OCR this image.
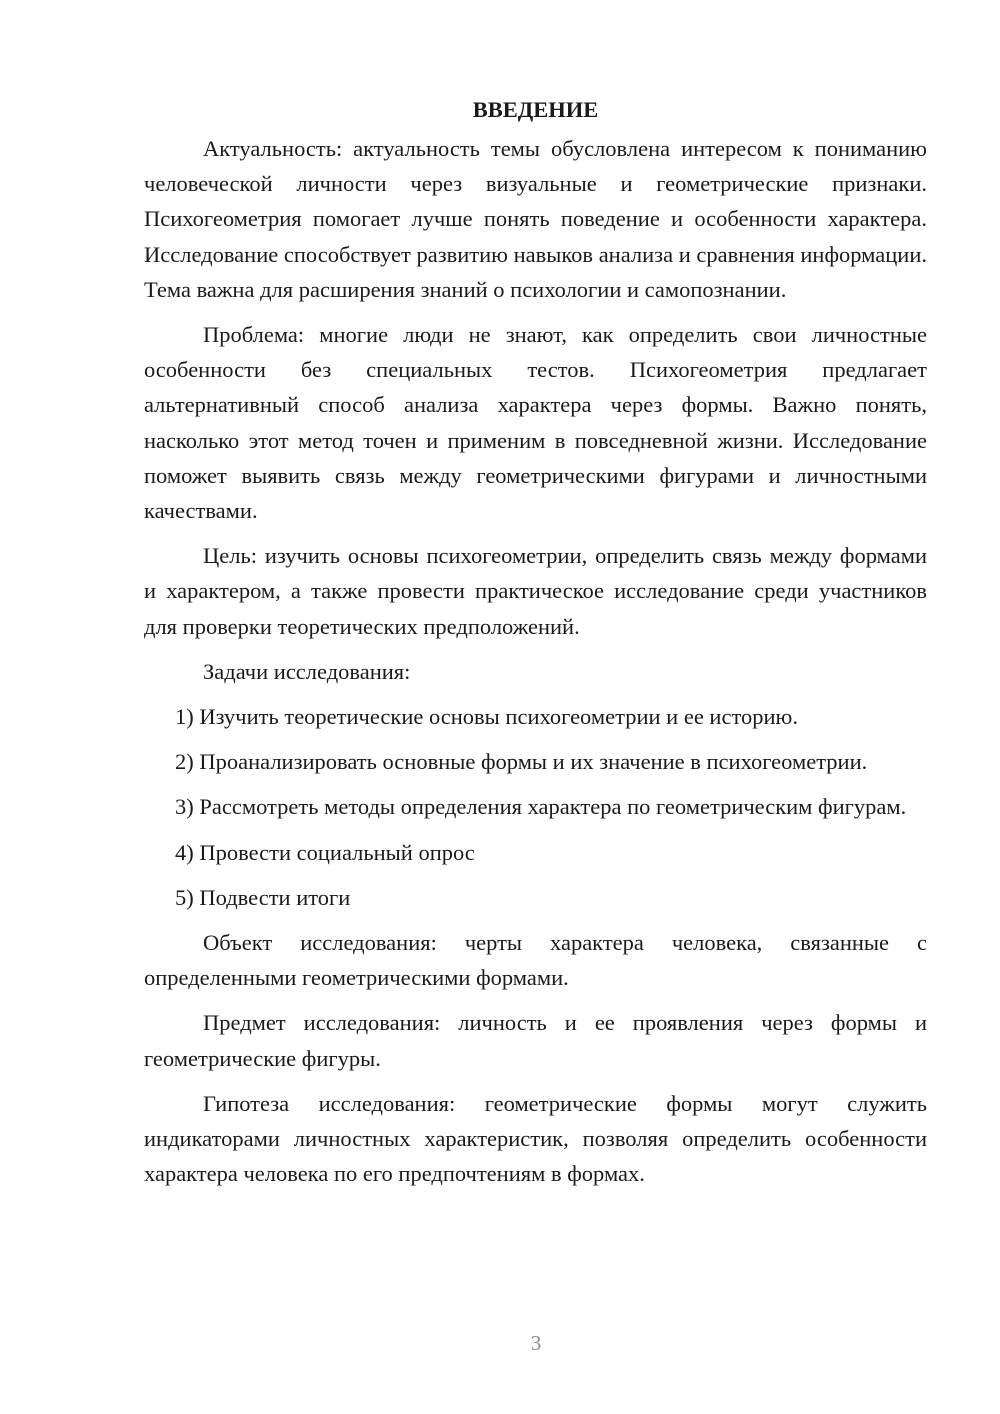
ВВЕДЕНИЕ

Актуальность: актуальность темы обусловлена интересом к пониманию человеческой личности через визуальные и геометрические признаки. Психогеометрия помогает лучше понять поведение и особенности характера. Исследование способствует развитию навыков анализа и сравнения информации. Тема важна для расширения знаний о психологии и самопознании.

Проблема: многие люди не знают, как определить свои личностные особенности без специальных тестов. Психогеометрия предлагает альтернативный способ анализа характера через формы. Важно понять, насколько этот метод точен и применим в повседневной жизни. Исследование поможет выявить связь между геометрическими фигурами и личностными качествами.

Цель: изучить основы психогеометрии, определить связь между формами и характером, а также провести практическое исследование среди участников для проверки теоретических предположений.

Задачи исследования:

1) Изучить теоретические основы психогеометрии и ее историю.

2) Проанализировать основные формы и их значение в психогеометрии.

3) Рассмотреть методы определения характера по геометрическим фигурам.

4) Провести социальный опрос

5) Подвести итоги

Объект исследования: черты характера человека, связанные с определенными геометрическими формами.

Предмет исследования: личность и ее проявления через формы и геометрические фигуры.

Гипотеза исследования: геометрические формы могут служить индикаторами личностных характеристик, позволяя определить особенности характера человека по его предпочтениям в формах.

3
